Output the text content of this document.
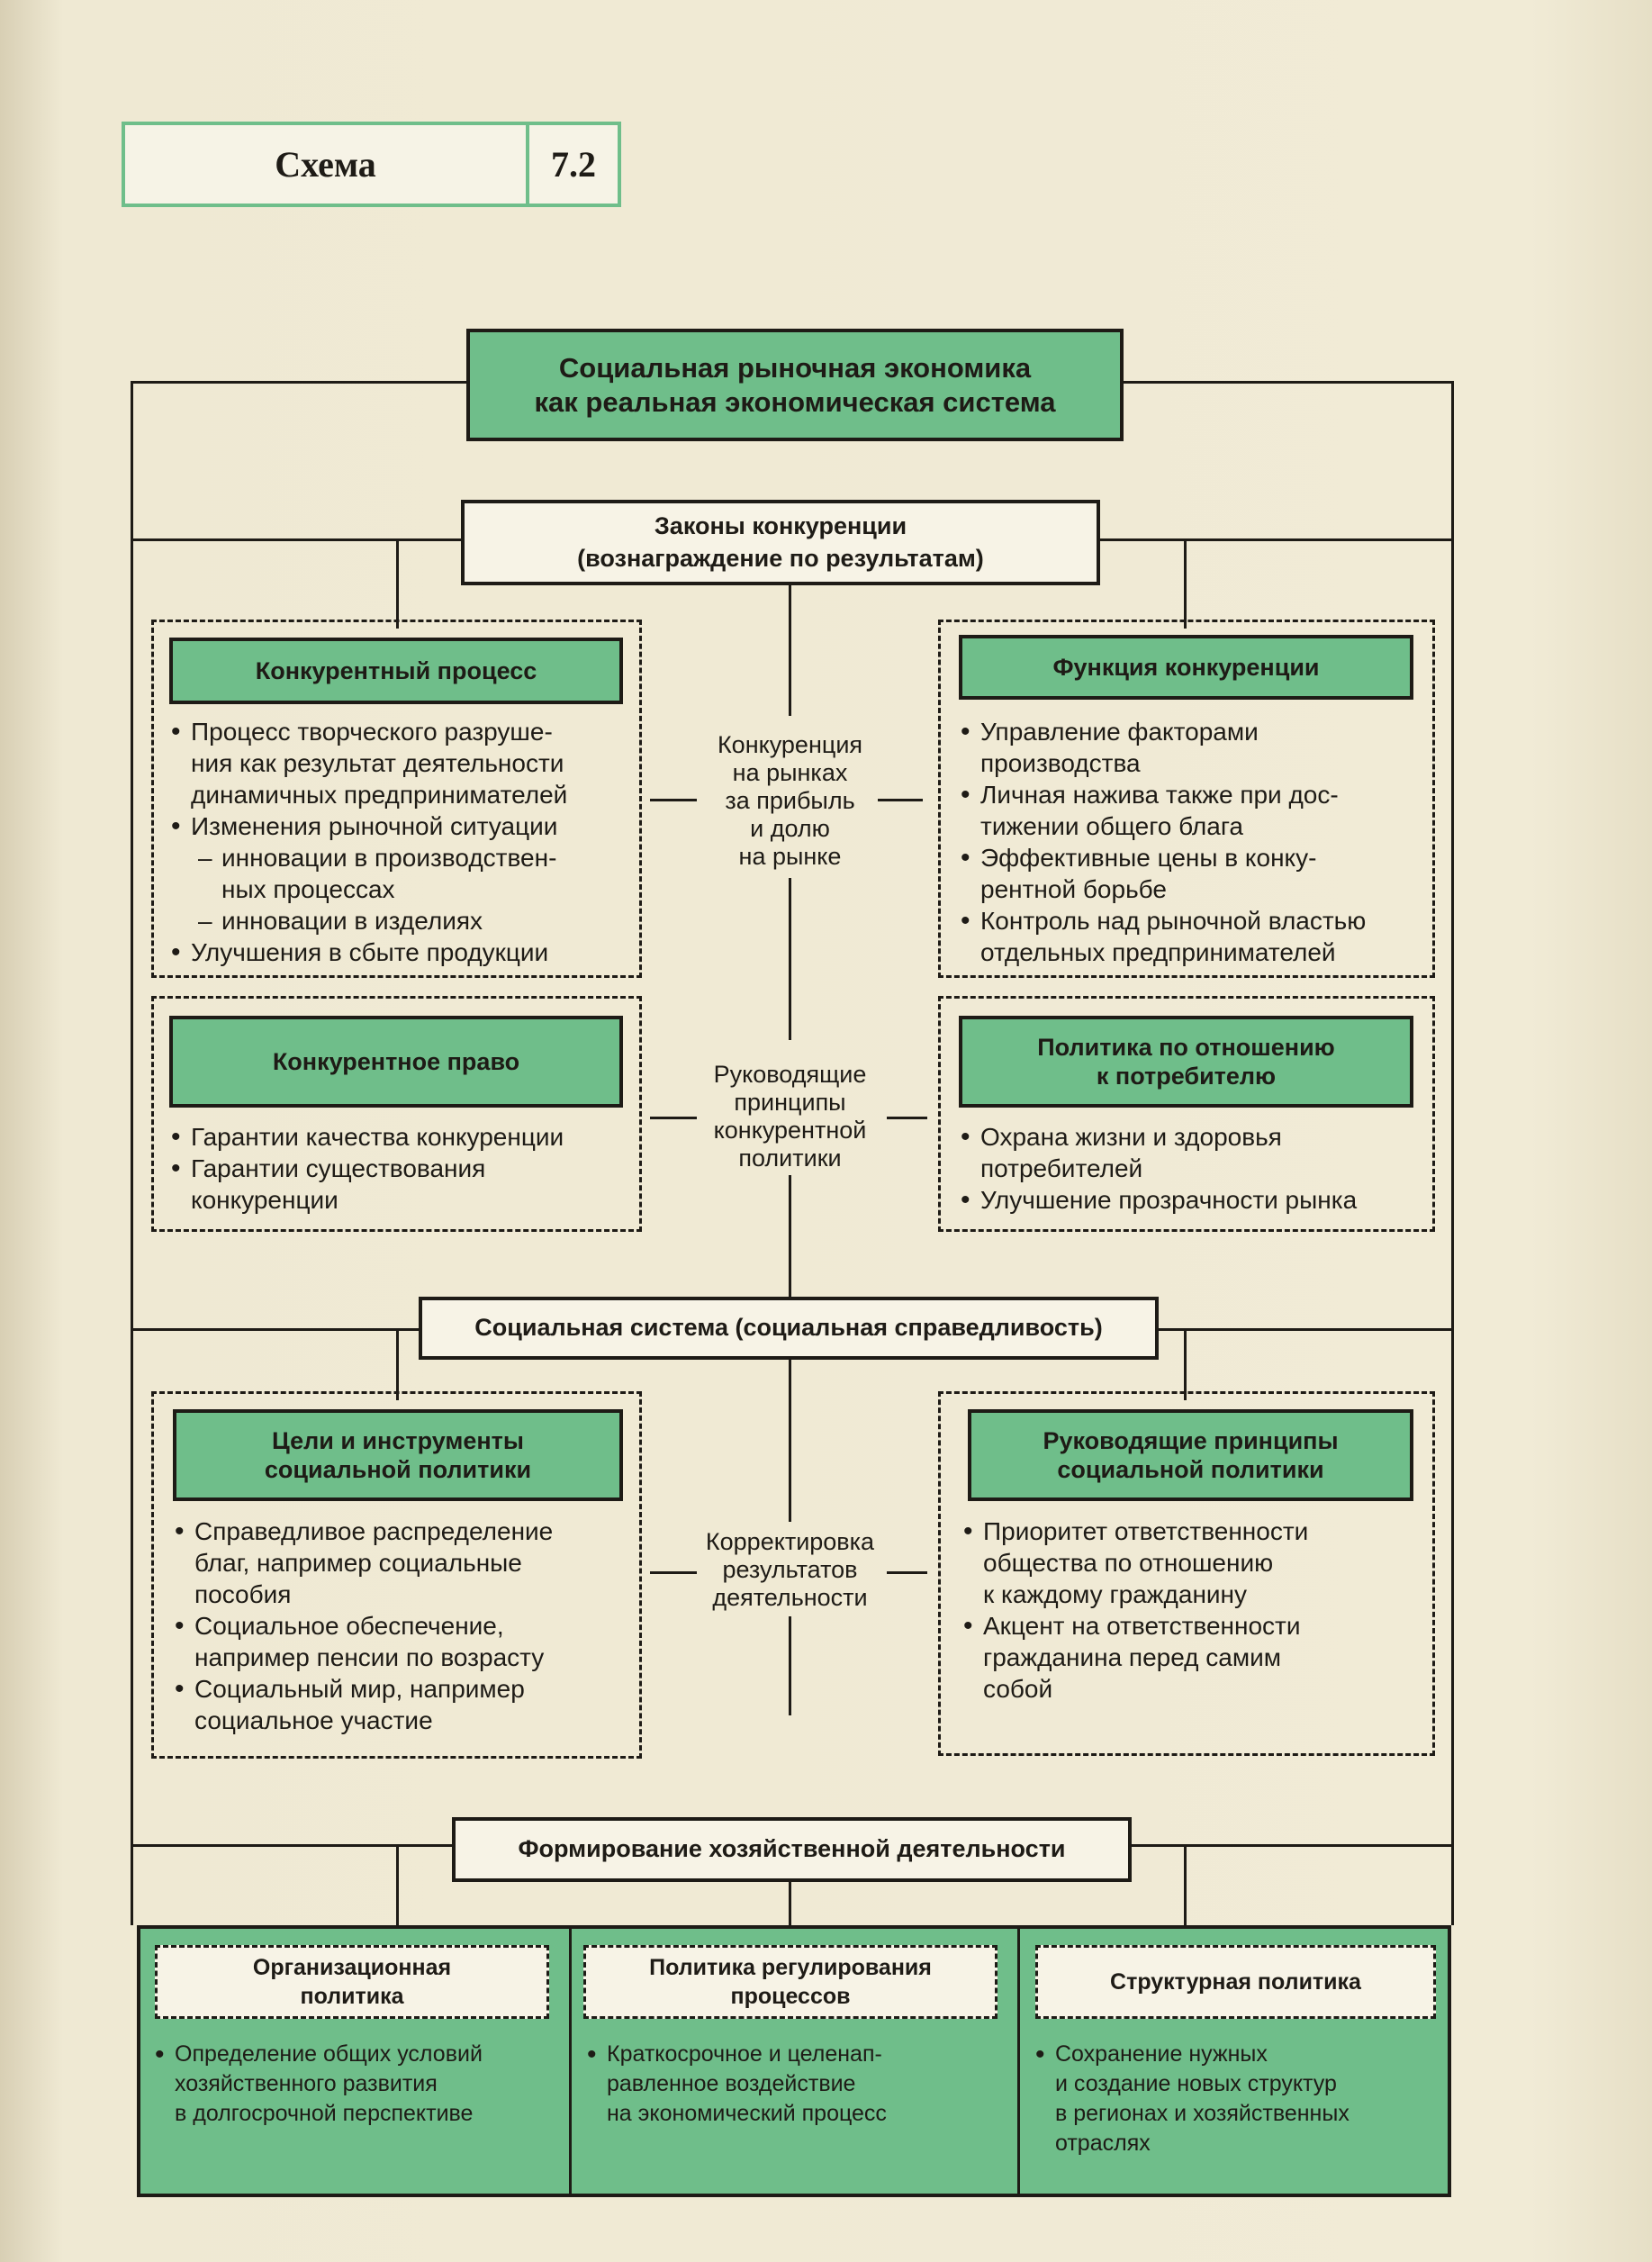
Схема	7.2
Социальная рыночная экономика
как реальная экономическая система
Законы конкуренции
(вознаграждение по результатам)
Конкурентный процесс
• Процесс творческого разруше-
ния как результат деятельности
динамичных предпринимателей
• Изменения рыночной ситуации
– инновации в производствен-
ных процессах
– инновации в изделиях
• Улучшения в сбыте продукции
Функция конкуренции
• Управление факторами
производства
• Личная нажива также при дос-
тижении общего блага
• Эффективные цены в конку-
рентной борьбе
• Контроль над рыночной властью
отдельных предпринимателей
Конкуренция
на рынках
за прибыль
и долю
на рынке
Конкурентное право
• Гарантии качества конкуренции
• Гарантии существования
конкуренции
Политика по отношению
к потребителю
• Охрана жизни и здоровья
потребителей
• Улучшение прозрачности рынка
Руководящие
принципы
конкурентной
политики
Социальная система (социальная справедливость)
Цели и инструменты
социальной политики
• Справедливое распределение
благ, например социальные
пособия
• Социальное обеспечение,
например пенсии по возрасту
• Социальный мир, например
социальное участие
Руководящие принципы
социальной политики
• Приоритет ответственности
общества по отношению
к каждому гражданину
• Акцент на ответственности
гражданина перед самим
собой
Корректировка
результатов
деятельности
Формирование хозяйственной деятельности
Организационная
политика
• Определение общих условий
хозяйственного развития
в долгосрочной перспективе
Политика регулирования
процессов
• Краткосрочное и целенап-
равленное воздействие
на экономический процесс
Структурная политика
• Сохранение нужных
и создание новых структур
в регионах и хозяйственных
отраслях
